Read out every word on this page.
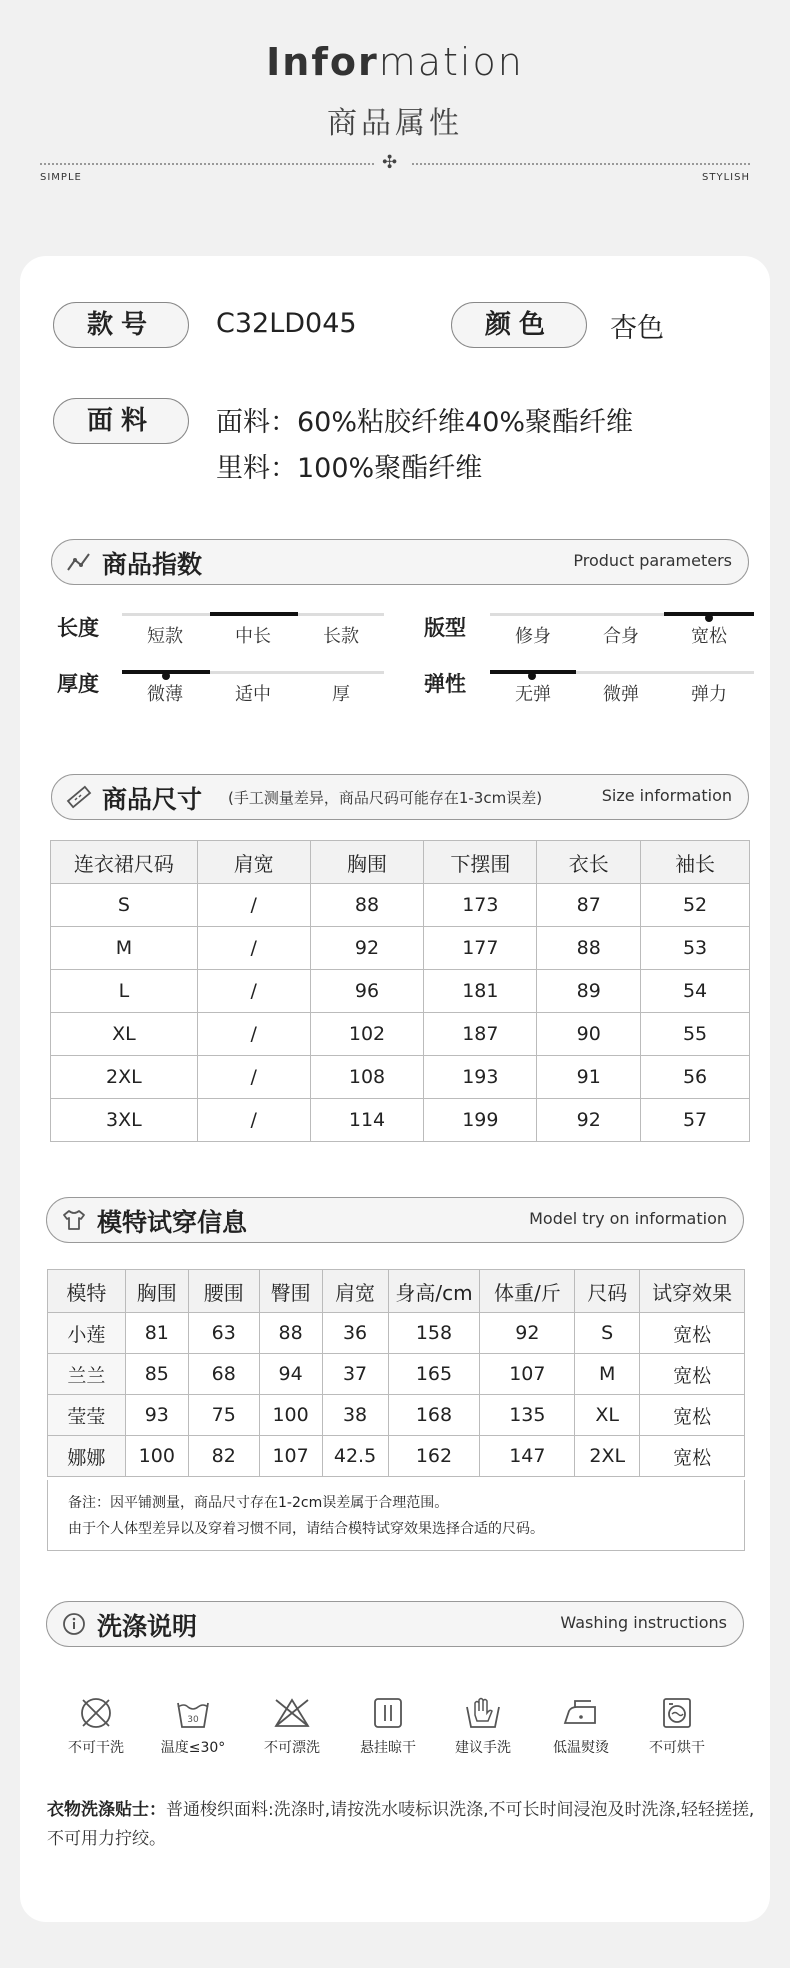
Information
商品属性
✣
SIMPLE	STYLISH
款号	C32LD045	颜色	杏色
面料	面料：60%粘胶纤维40%聚酯纤维
里料：100%聚酯纤维
商品指数	Product parameters
长度	短款	中长	长款	版型	修身	合身	宽松
厚度	微薄	适中	厚	弹性	无弹	微弹	弹力
商品尺寸 (手工测量差异，商品尺码可能存在1-3cm误差)	Size information
连衣裙尺码	肩宽	胸围	下摆围	衣长	袖长
S	/	88	173	87	52
M	/	92	177	88	53
L	/	96	181	89	54
XL	/	102	187	90	55
2XL	/	108	193	91	56
3XL	/	114	199	92	57
模特试穿信息	Model try on information
模特	胸围	腰围	臀围	肩宽	身高/cm	体重/斤	尺码	试穿效果
小莲	81	63	88	36	158	92	S	宽松
兰兰	85	68	94	37	165	107	M	宽松
莹莹	93	75	100	38	168	135	XL	宽松
娜娜	100	82	107	42.5	162	147	2XL	宽松
备注：因平铺测量，商品尺寸存在1-2cm误差属于合理范围。
由于个人体型差异以及穿着习惯不同，请结合模特试穿效果选择合适的尺码。
洗涤说明	Washing instructions
不可干洗
30
温度≤30°	不可漂洗	悬挂晾干	建议手洗	低温熨烫	不可烘干
衣物洗涤贴士：普通梭织面料:洗涤时,请按洗水唛标识洗涤,不可长时间浸泡及时洗涤,轻轻搓搓,不可用力拧绞。
